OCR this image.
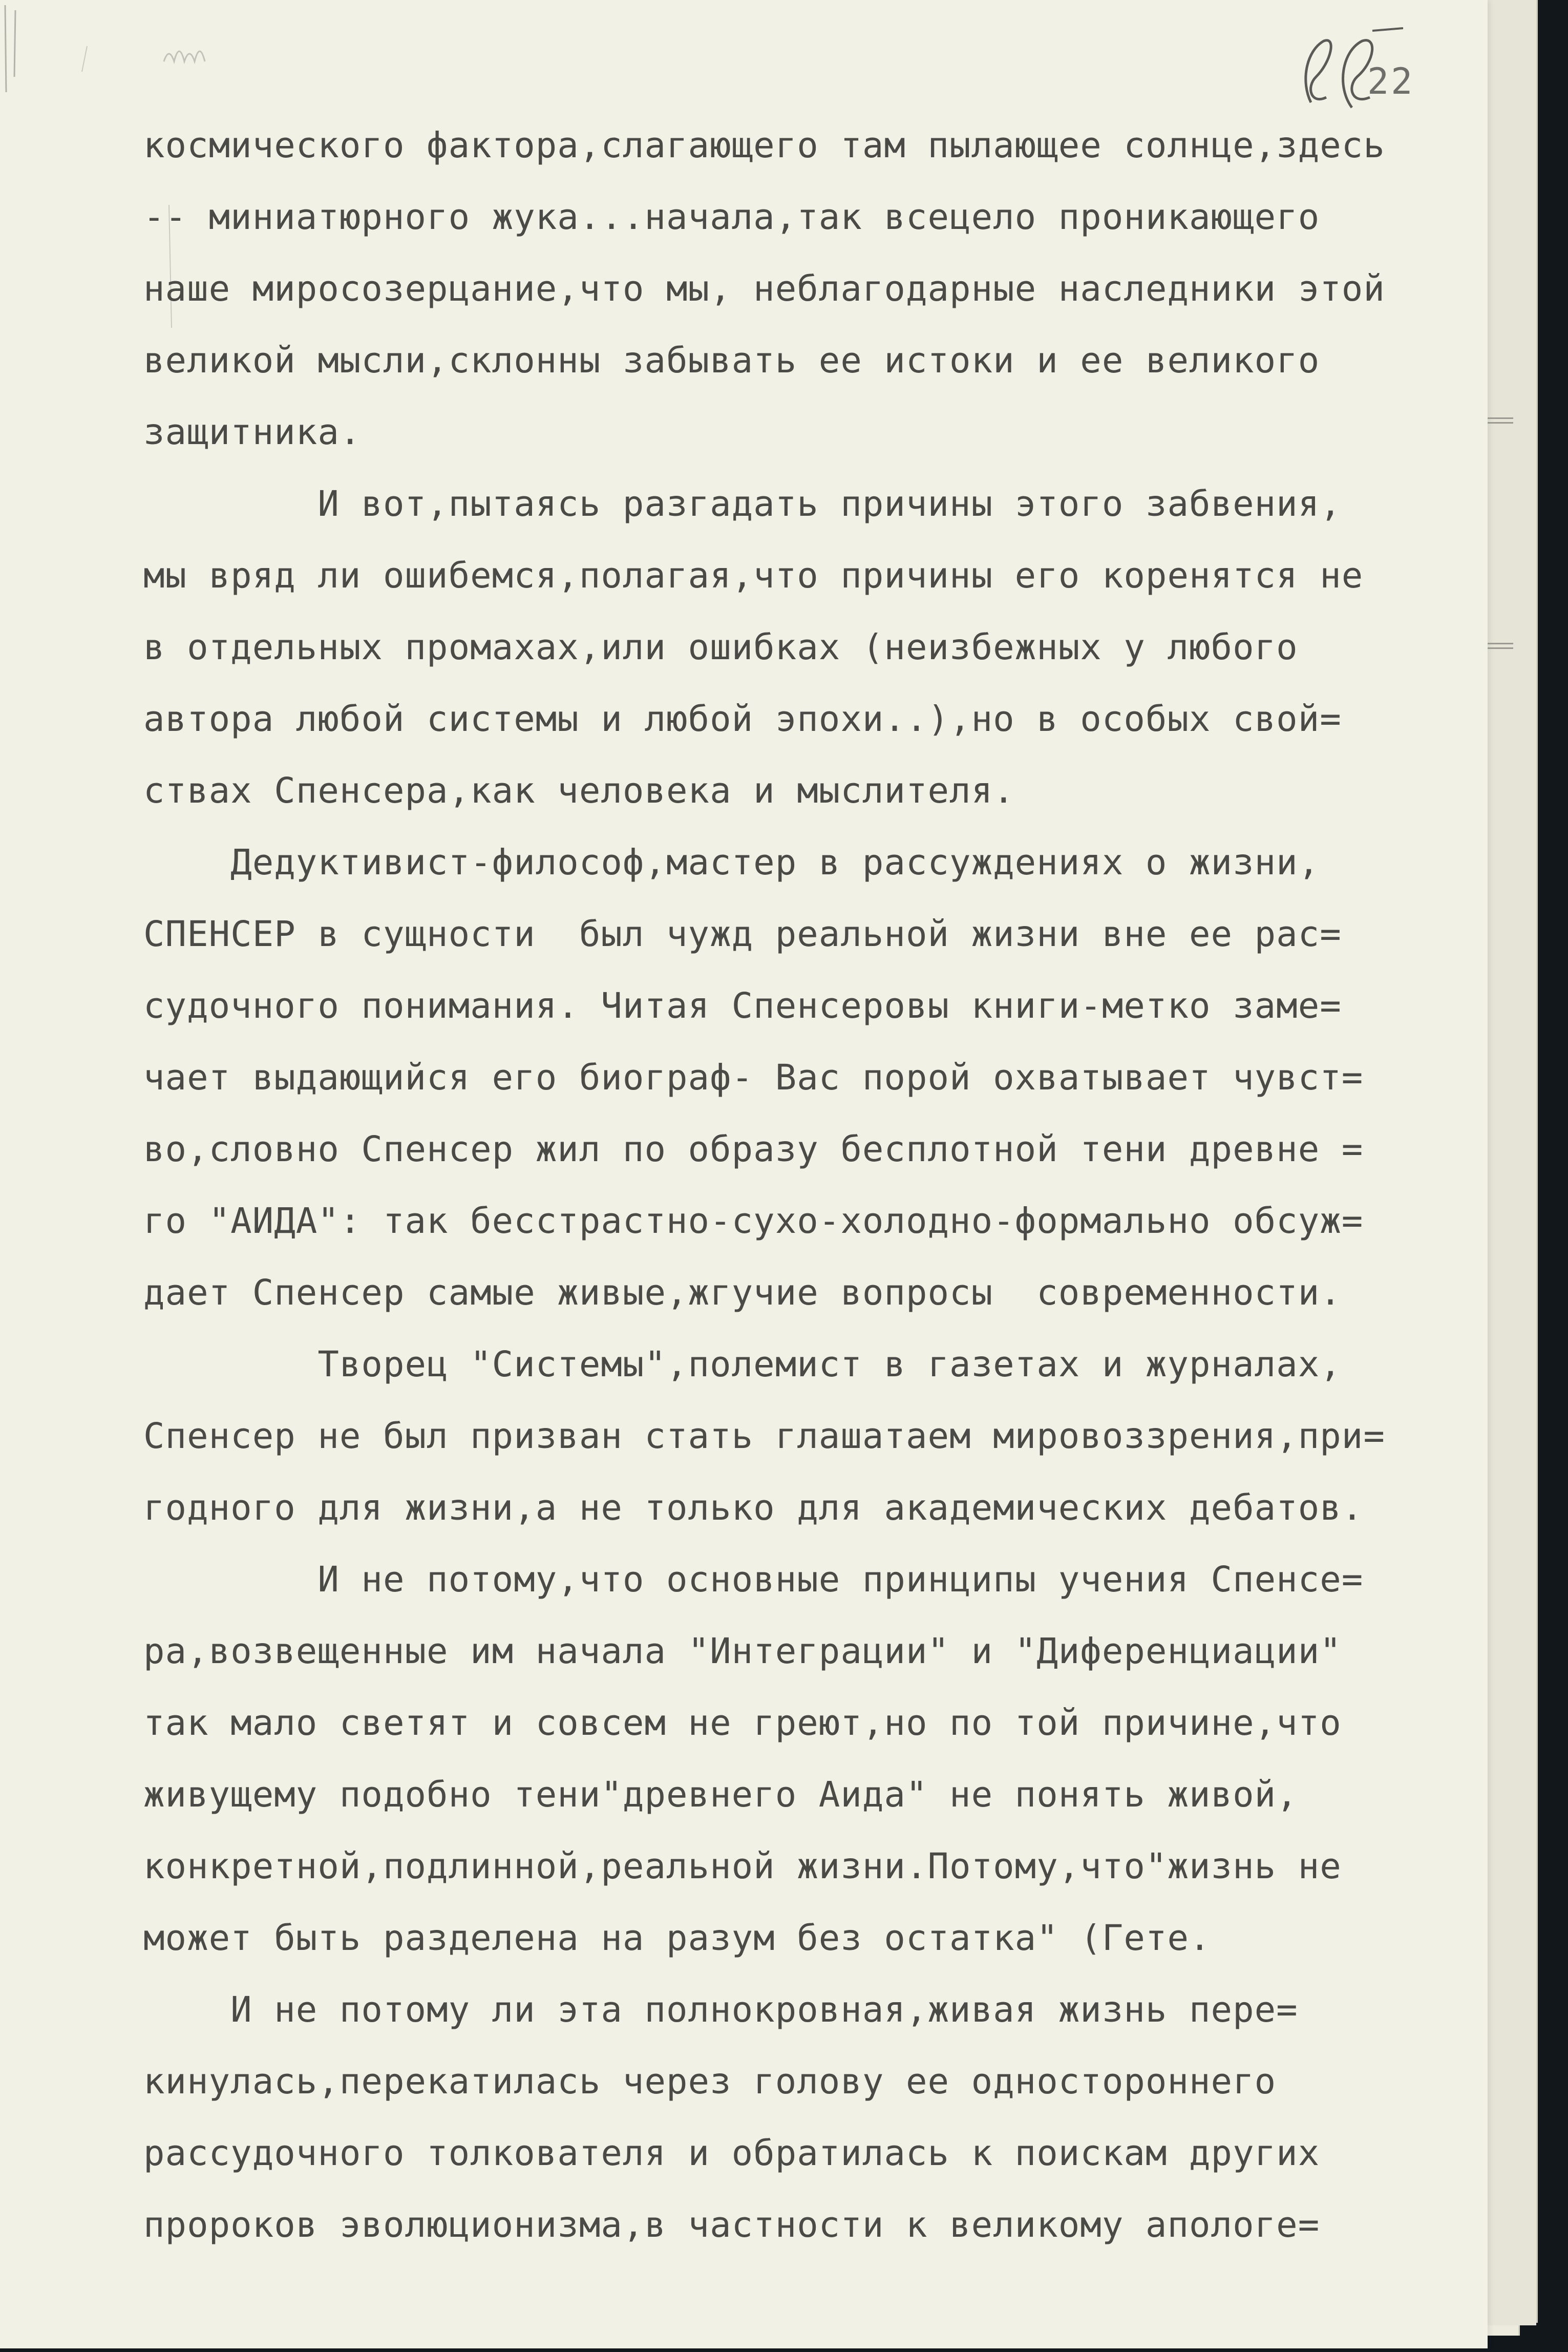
22
космического фактора,слагающего там пылающее солнце,здесь
-- миниатюрного жука...начала,так всецело проникающего
наше миросозерцание,что мы, неблагодарные наследники этой
великой мысли,склонны забывать ее истоки и ее великого
защитника.
И вот,пытаясь разгадать причины этого забвения,
мы вряд ли ошибемся,полагая,что причины его коренятся не
в отдельных промахах,или ошибках (неизбежных у любого
автора любой системы и любой эпохи..),но в особых свой=
ствах Спенсера,как человека и мыслителя.
Дедуктивист-философ,мастер в рассуждениях о жизни,
СПЕНСЕР в сущности  был чужд реальной жизни вне ее рас=
судочного понимания. Читая Спенсеровы книги-метко заме=
чает выдающийся его биограф- Вас порой охватывает чувст=
во,словно Спенсер жил по образу бесплотной тени древне =
го "АИДА": так бесстрастно-сухо-холодно-формально обсуж=
дает Спенсер самые живые,жгучие вопросы  современности.
Творец "Системы",полемист в газетах и журналах,
Спенсер не был призван стать глашатаем мировоззрения,при=
годного для жизни,а не только для академических дебатов.
И не потому,что основные принципы учения Спенсе=
ра,возвещенные им начала "Интеграции" и "Диференциации"
так мало светят и совсем не греют,но по той причине,что
живущему подобно тени"древнего Аида" не понять живой,
конкретной,подлинной,реальной жизни.Потому,что"жизнь не
может быть разделена на разум без остатка" (Гете.
И не потому ли эта полнокровная,живая жизнь пере=
кинулась,перекатилась через голову ее одностороннего
рассудочного толкователя и обратилась к поискам других
пророков эволюционизма,в частности к великому апологе=
